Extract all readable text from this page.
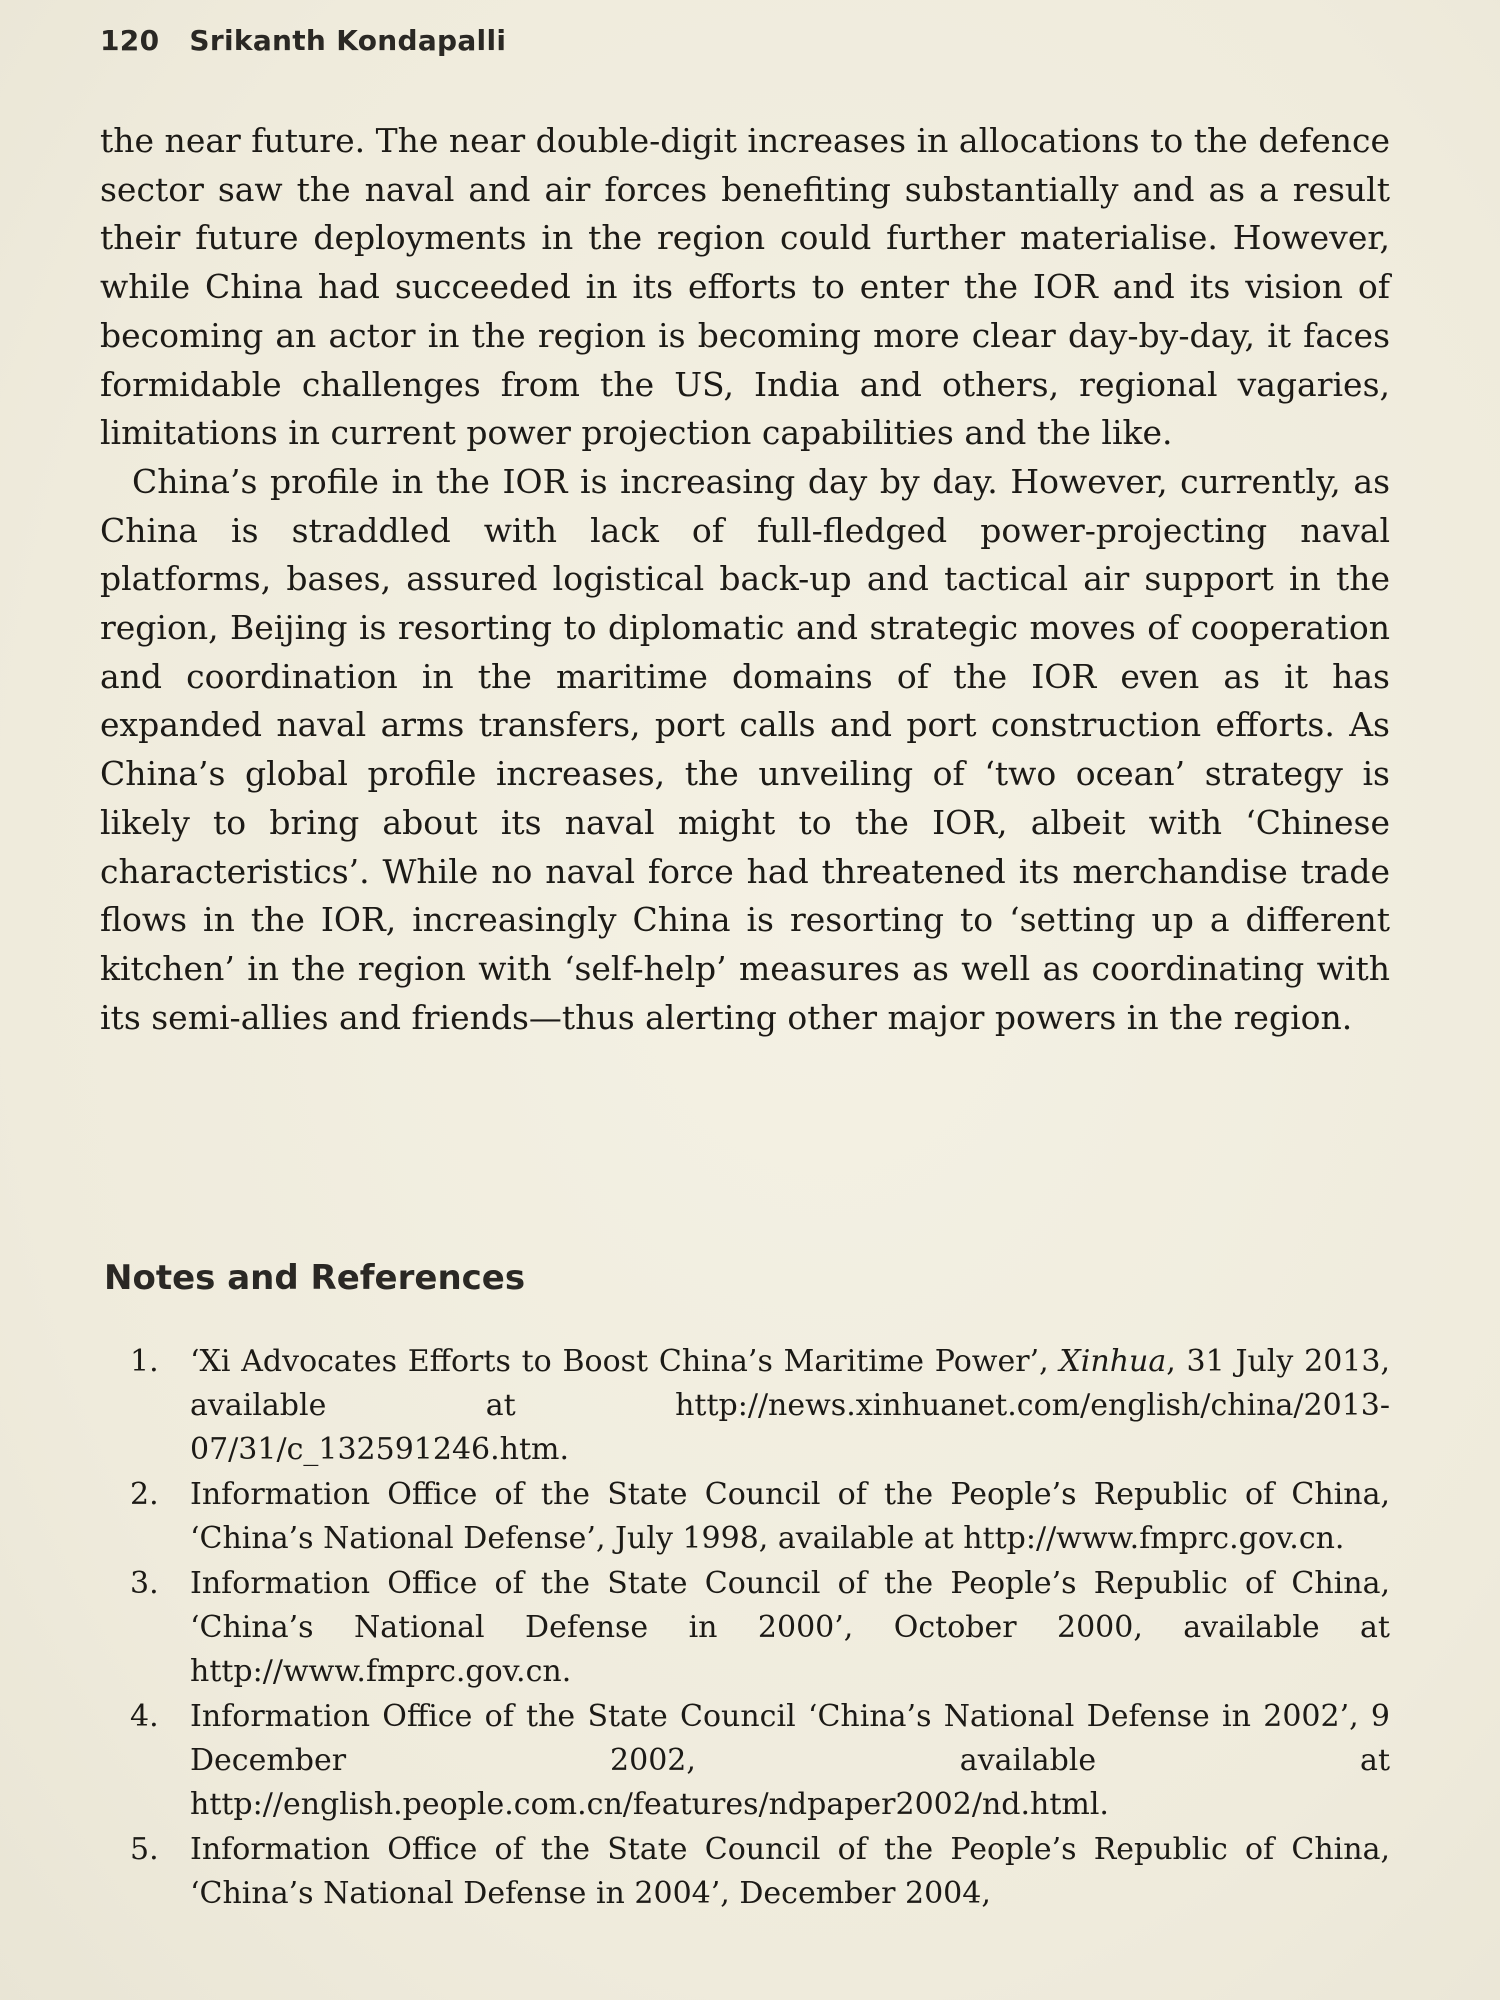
120 Srikanth Kondapalli

the near future. The near double-digit increases in allocations to the defence sector saw the naval and air forces benefiting substantially and as a result their future deployments in the region could further materialise. However, while China had succeeded in its efforts to enter the IOR and its vision of becoming an actor in the region is becoming more clear day-by-day, it faces formidable challenges from the US, India and others, regional vagaries, limitations in current power projection capabilities and the like.

China’s profile in the IOR is increasing day by day. However, currently, as China is straddled with lack of full-fledged power-projecting naval platforms, bases, assured logistical back-up and tactical air support in the region, Beijing is resorting to diplomatic and strategic moves of cooperation and coordination in the maritime domains of the IOR even as it has expanded naval arms transfers, port calls and port construction efforts. As China’s global profile increases, the unveiling of ‘two ocean’ strategy is likely to bring about its naval might to the IOR, albeit with ‘Chinese characteristics’. While no naval force had threatened its merchandise trade flows in the IOR, increasingly China is resorting to ‘setting up a different kitchen’ in the region with ‘self-help’ measures as well as coordinating with its semi-allies and friends—thus alerting other major powers in the region.

Notes and References
1. ‘Xi Advocates Efforts to Boost China’s Maritime Power’, Xinhua, 31 July 2013, available at http://news.xinhuanet.com/english/china/2013-07/31/c_132591246.htm.
2. Information Office of the State Council of the People’s Republic of China, ‘China’s National Defense’, July 1998, available at http://www.fmprc.gov.cn.
3. Information Office of the State Council of the People’s Republic of China, ‘China’s National Defense in 2000’, October 2000, available at http://www.fmprc.gov.cn.
4. Information Office of the State Council ‘China’s National Defense in 2002’, 9 December 2002, available at http://english.people.com.cn/features/ndpaper2002/nd.html.
5. Information Office of the State Council of the People’s Republic of China, ‘China’s National Defense in 2004’, December 2004,
